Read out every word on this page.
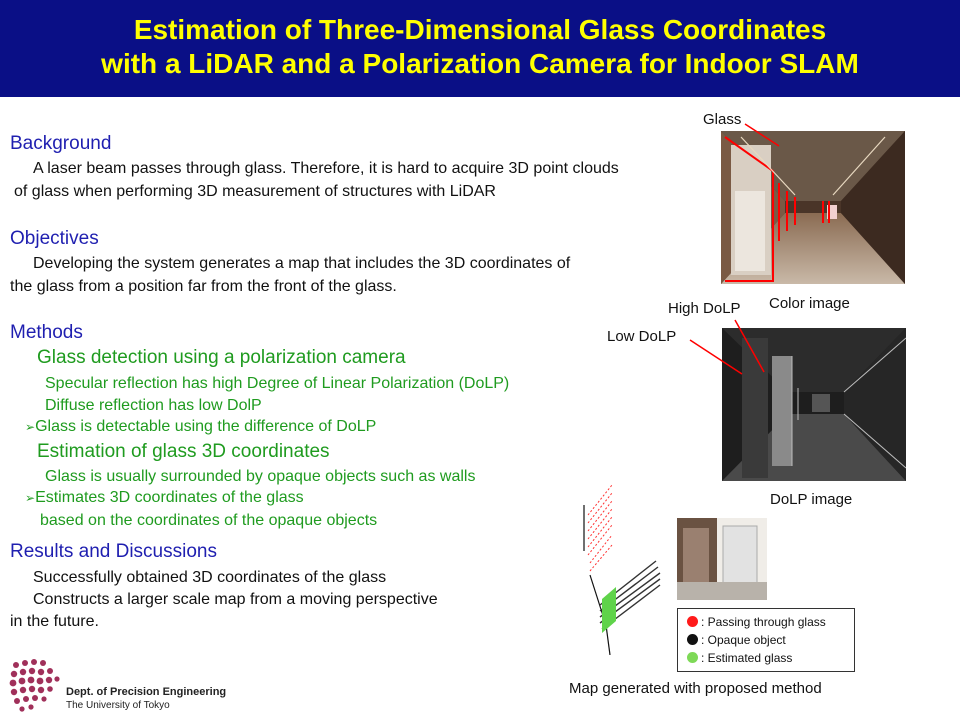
Estimation of Three-Dimensional Glass Coordinates
with a LiDAR and a Polarization Camera for Indoor SLAM
Background
A laser beam passes through glass. Therefore, it is hard to acquire 3D point clouds
of glass when performing 3D measurement of structures with LiDAR
Objectives
Developing the system generates a map that includes the 3D coordinates of
the glass from a position far from the front of the glass.
Methods
Glass detection using a polarization camera
Specular reflection has high Degree of Linear Polarization (DoLP)
Diffuse reflection has low DolP
➢Glass is detectable using the difference of DoLP
Estimation of glass 3D coordinates
Glass is usually surrounded by opaque objects such as walls
➢Estimates 3D coordinates of the glass
based on the coordinates of the opaque objects
Results and Discussions
Successfully obtained 3D coordinates of the glass
Constructs a larger scale map from a moving perspective
in the future.
Glass
Color image
High DoLP
Low DoLP
DoLP image
: Passing through glass
: Opaque object
: Estimated glass
Map generated with proposed method
Dept. of Precision Engineering
The University of Tokyo
